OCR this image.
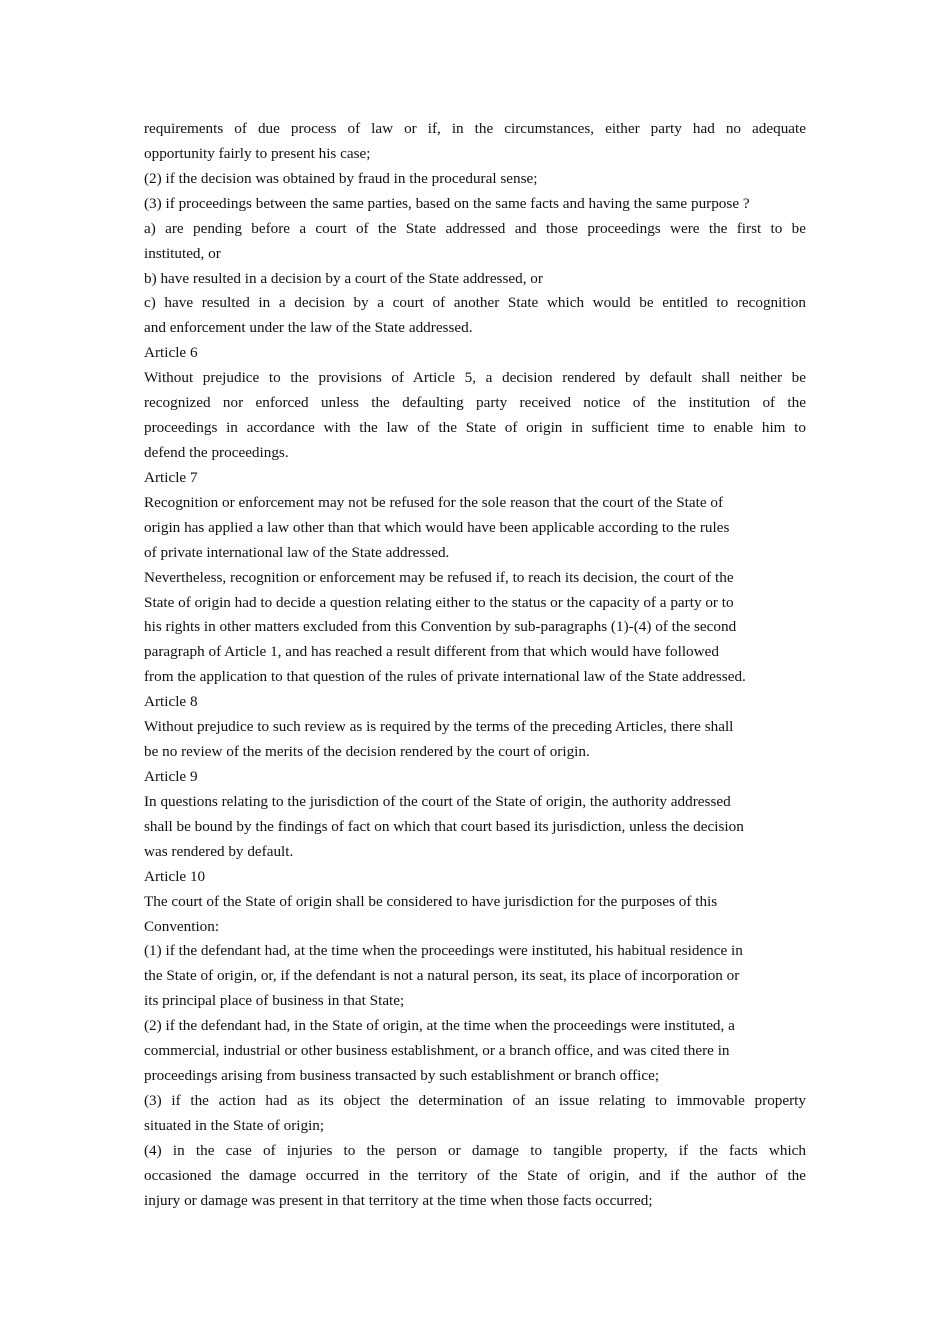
requirements of due process of law or if, in the circumstances, either party had no adequate
opportunity fairly to present his case;
(2) if the decision was obtained by fraud in the procedural sense;
(3) if proceedings between the same parties, based on the same facts and having the same purpose ?
a) are pending before a court of the State addressed and those proceedings were the first to be
instituted, or
b) have resulted in a decision by a court of the State addressed, or
c) have resulted in a decision by a court of another State which would be entitled to recognition
and enforcement under the law of the State addressed.
Article 6
Without prejudice to the provisions of Article 5, a decision rendered by default shall neither be
recognized nor enforced unless the defaulting party received notice of the institution of the
proceedings in accordance with the law of the State of origin in sufficient time to enable him to
defend the proceedings.
Article 7
Recognition or enforcement may not be refused for the sole reason that the court of the State of
origin has applied a law other than that which would have been applicable according to the rules
of private international law of the State addressed.
Nevertheless, recognition or enforcement may be refused if, to reach its decision, the court of the
State of origin had to decide a question relating either to the status or the capacity of a party or to
his rights in other matters excluded from this Convention by sub-paragraphs (1)-(4) of the second
paragraph of Article 1, and has reached a result different from that which would have followed
from the application to that question of the rules of private international law of the State addressed.
Article 8
Without prejudice to such review as is required by the terms of the preceding Articles, there shall
be no review of the merits of the decision rendered by the court of origin.
Article 9
In questions relating to the jurisdiction of the court of the State of origin, the authority addressed
shall be bound by the findings of fact on which that court based its jurisdiction, unless the decision
was rendered by default.
Article 10
The court of the State of origin shall be considered to have jurisdiction for the purposes of this
Convention:
(1) if the defendant had, at the time when the proceedings were instituted, his habitual residence in
the State of origin, or, if the defendant is not a natural person, its seat, its place of incorporation or
its principal place of business in that State;
(2) if the defendant had, in the State of origin, at the time when the proceedings were instituted, a
commercial, industrial or other business establishment, or a branch office, and was cited there in
proceedings arising from business transacted by such establishment or branch office;
(3) if the action had as its object the determination of an issue relating to immovable property
situated in the State of origin;
(4) in the case of injuries to the person or damage to tangible property, if the facts which
occasioned the damage occurred in the territory of the State of origin, and if the author of the
injury or damage was present in that territory at the time when those facts occurred;
